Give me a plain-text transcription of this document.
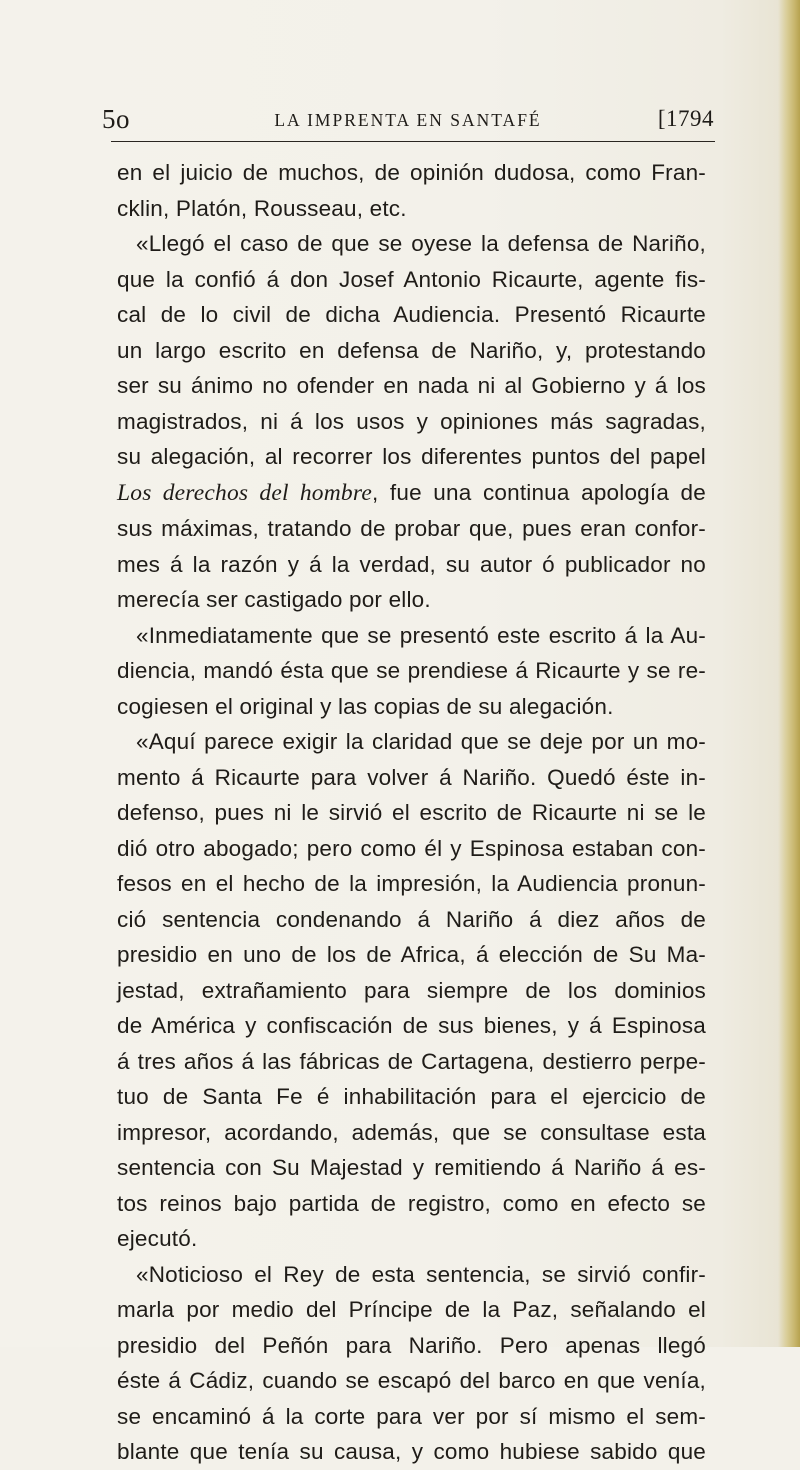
5o	LA IMPRENTA EN SANTAFÉ	[1794
en el juicio de muchos, de opinión dudosa, como Fran-
cklin, Platón, Rousseau, etc.
«Llegó el caso de que se oyese la defensa de Nariño,
que la confió á don Josef Antonio Ricaurte, agente fis-
cal de lo civil de dicha Audiencia. Presentó Ricaurte
un largo escrito en defensa de Nariño, y, protestando
ser su ánimo no ofender en nada ni al Gobierno y á los
magistrados, ni á los usos y opiniones más sagradas,
su alegación, al recorrer los diferentes puntos del papel
Los derechos del hombre, fue una continua apología de
sus máximas, tratando de probar que, pues eran confor-
mes á la razón y á la verdad, su autor ó publicador no
merecía ser castigado por ello.
«Inmediatamente que se presentó este escrito á la Au-
diencia, mandó ésta que se prendiese á Ricaurte y se re-
cogiesen el original y las copias de su alegación.
«Aquí parece exigir la claridad que se deje por un mo-
mento á Ricaurte para volver á Nariño. Quedó éste in-
defenso, pues ni le sirvió el escrito de Ricaurte ni se le
dió otro abogado; pero como él y Espinosa estaban con-
fesos en el hecho de la impresión, la Audiencia pronun-
ció sentencia condenando á Nariño á diez años de
presidio en uno de los de Africa, á elección de Su Ma-
jestad, extrañamiento para siempre de los dominios
de América y confiscación de sus bienes, y á Espinosa
á tres años á las fábricas de Cartagena, destierro perpe-
tuo de Santa Fe é inhabilitación para el ejercicio de
impresor, acordando, además, que se consultase esta
sentencia con Su Majestad y remitiendo á Nariño á es-
tos reinos bajo partida de registro, como en efecto se
ejecutó.
«Noticioso el Rey de esta sentencia, se sirvió confir-
marla por medio del Príncipe de la Paz, señalando el
presidio del Peñón para Nariño. Pero apenas llegó
éste á Cádiz, cuando se escapó del barco en que venía,
se encaminó á la corte para ver por sí mismo el sem-
blante que tenía su causa, y como hubiese sabido que
